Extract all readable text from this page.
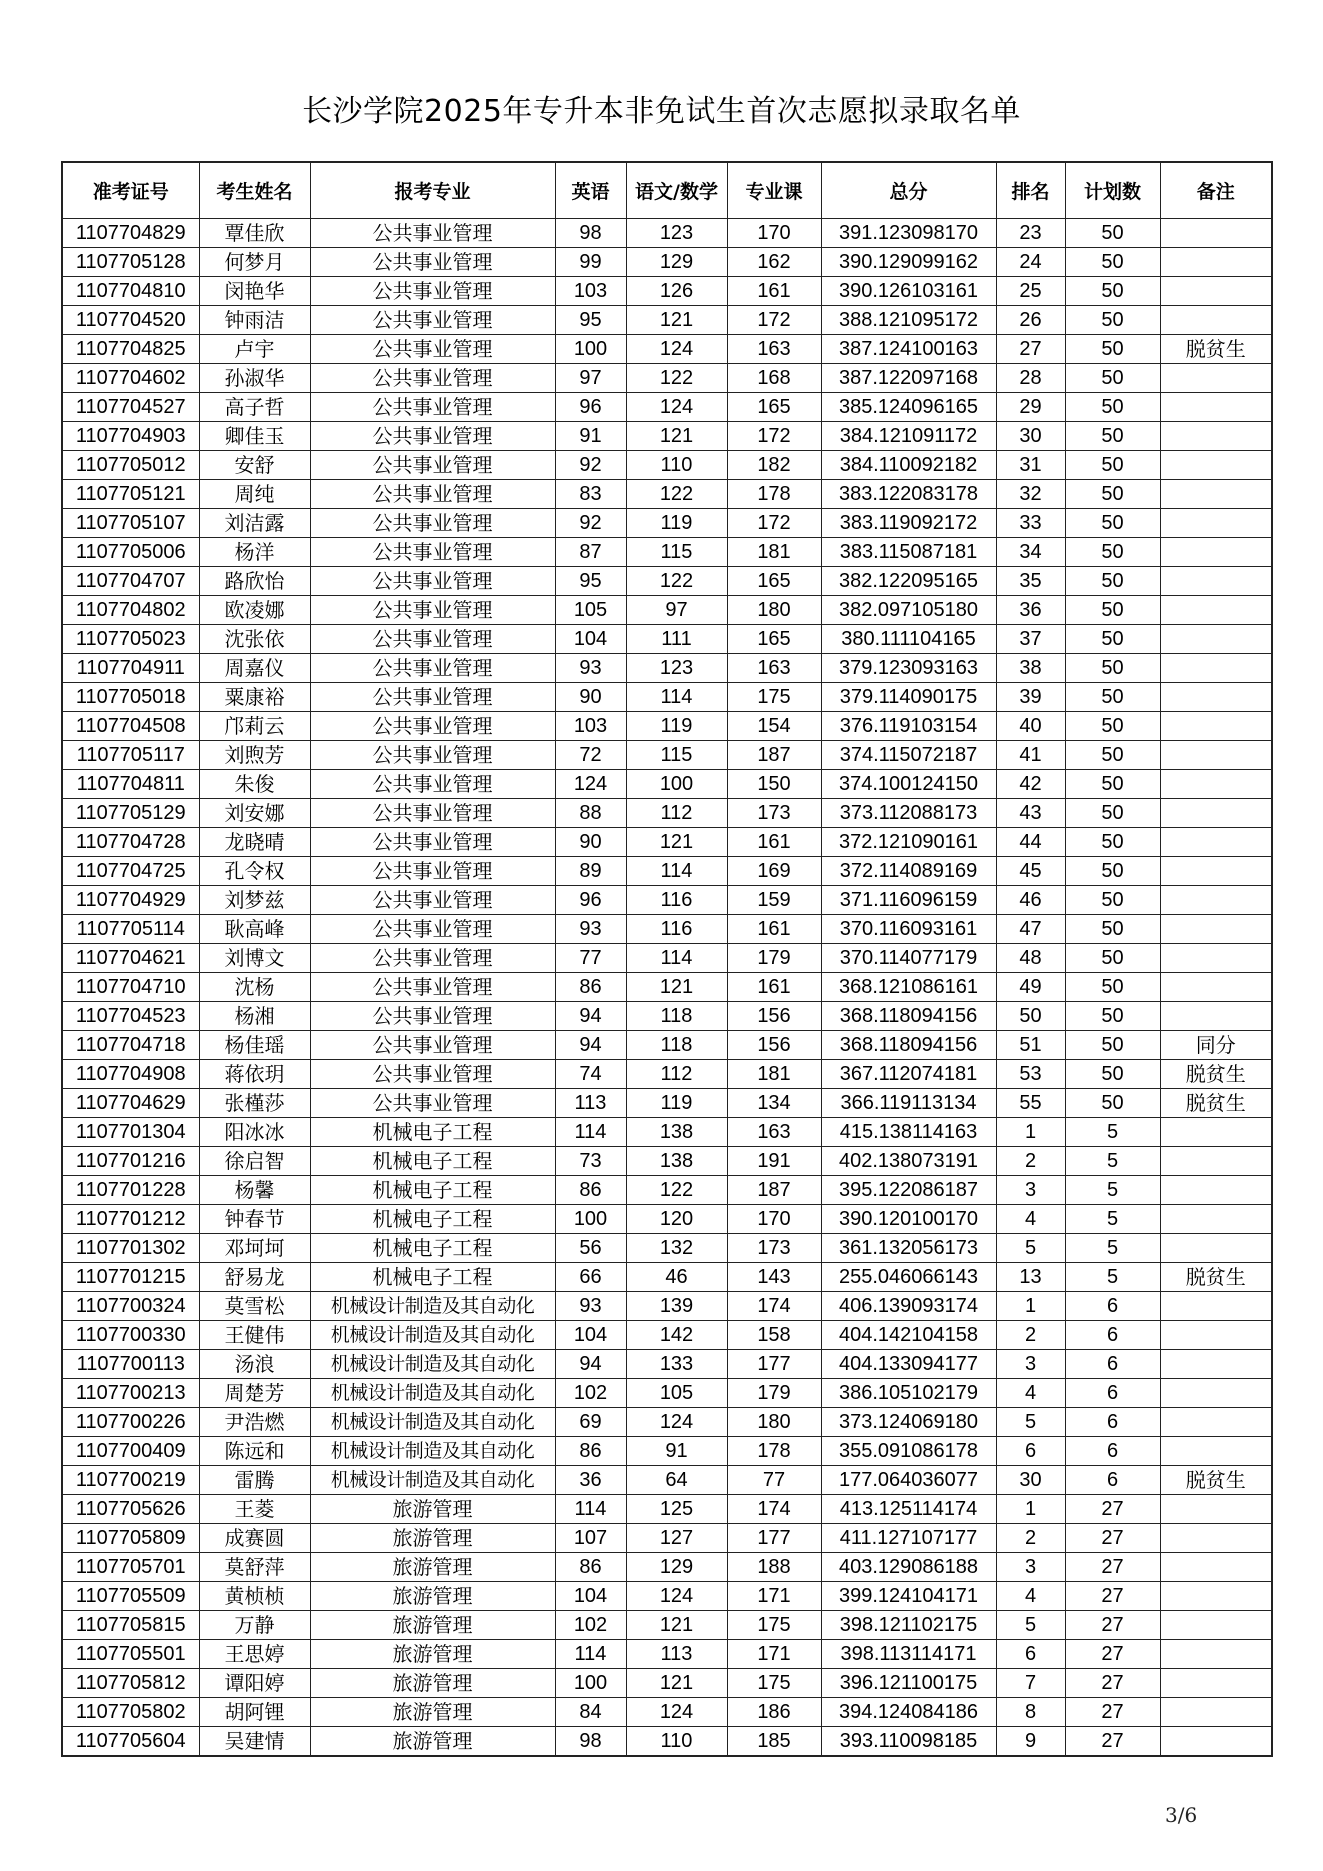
长沙学院2025年专升本非免试生首次志愿拟录取名单
准考证号	考生姓名	报考专业	英语	语文/数学	专业课	总分	排名	计划数	备注
1107704829	覃佳欣	公共事业管理	98	123	170	391.123098170	23	50	
1107705128	何梦月	公共事业管理	99	129	162	390.129099162	24	50	
1107704810	闵艳华	公共事业管理	103	126	161	390.126103161	25	50	
1107704520	钟雨洁	公共事业管理	95	121	172	388.121095172	26	50	
1107704825	卢宇	公共事业管理	100	124	163	387.124100163	27	50	脱贫生
1107704602	孙淑华	公共事业管理	97	122	168	387.122097168	28	50	
1107704527	高子哲	公共事业管理	96	124	165	385.124096165	29	50	
1107704903	卿佳玉	公共事业管理	91	121	172	384.121091172	30	50	
1107705012	安舒	公共事业管理	92	110	182	384.110092182	31	50	
1107705121	周纯	公共事业管理	83	122	178	383.122083178	32	50	
1107705107	刘洁露	公共事业管理	92	119	172	383.119092172	33	50	
1107705006	杨洋	公共事业管理	87	115	181	383.115087181	34	50	
1107704707	路欣怡	公共事业管理	95	122	165	382.122095165	35	50	
1107704802	欧凌娜	公共事业管理	105	97	180	382.097105180	36	50	
1107705023	沈张依	公共事业管理	104	111	165	380.111104165	37	50	
1107704911	周嘉仪	公共事业管理	93	123	163	379.123093163	38	50	
1107705018	粟康裕	公共事业管理	90	114	175	379.114090175	39	50	
1107704508	邝莉云	公共事业管理	103	119	154	376.119103154	40	50	
1107705117	刘煦芳	公共事业管理	72	115	187	374.115072187	41	50	
1107704811	朱俊	公共事业管理	124	100	150	374.100124150	42	50	
1107705129	刘安娜	公共事业管理	88	112	173	373.112088173	43	50	
1107704728	龙晓晴	公共事业管理	90	121	161	372.121090161	44	50	
1107704725	孔令权	公共事业管理	89	114	169	372.114089169	45	50	
1107704929	刘梦兹	公共事业管理	96	116	159	371.116096159	46	50	
1107705114	耿高峰	公共事业管理	93	116	161	370.116093161	47	50	
1107704621	刘博文	公共事业管理	77	114	179	370.114077179	48	50	
1107704710	沈杨	公共事业管理	86	121	161	368.121086161	49	50	
1107704523	杨湘	公共事业管理	94	118	156	368.118094156	50	50	
1107704718	杨佳瑶	公共事业管理	94	118	156	368.118094156	51	50	同分
1107704908	蒋依玥	公共事业管理	74	112	181	367.112074181	53	50	脱贫生
1107704629	张槿莎	公共事业管理	113	119	134	366.119113134	55	50	脱贫生
1107701304	阳冰冰	机械电子工程	114	138	163	415.138114163	1	5	
1107701216	徐启智	机械电子工程	73	138	191	402.138073191	2	5	
1107701228	杨馨	机械电子工程	86	122	187	395.122086187	3	5	
1107701212	钟春节	机械电子工程	100	120	170	390.120100170	4	5	
1107701302	邓坷坷	机械电子工程	56	132	173	361.132056173	5	5	
1107701215	舒易龙	机械电子工程	66	46	143	255.046066143	13	5	脱贫生
1107700324	莫雪松	机械设计制造及其自动化	93	139	174	406.139093174	1	6	
1107700330	王健伟	机械设计制造及其自动化	104	142	158	404.142104158	2	6	
1107700113	汤浪	机械设计制造及其自动化	94	133	177	404.133094177	3	6	
1107700213	周楚芳	机械设计制造及其自动化	102	105	179	386.105102179	4	6	
1107700226	尹浩燃	机械设计制造及其自动化	69	124	180	373.124069180	5	6	
1107700409	陈远和	机械设计制造及其自动化	86	91	178	355.091086178	6	6	
1107700219	雷腾	机械设计制造及其自动化	36	64	77	177.064036077	30	6	脱贫生
1107705626	王菱	旅游管理	114	125	174	413.125114174	1	27	
1107705809	成赛圆	旅游管理	107	127	177	411.127107177	2	27	
1107705701	莫舒萍	旅游管理	86	129	188	403.129086188	3	27	
1107705509	黄桢桢	旅游管理	104	124	171	399.124104171	4	27	
1107705815	万静	旅游管理	102	121	175	398.121102175	5	27	
1107705501	王思婷	旅游管理	114	113	171	398.113114171	6	27	
1107705812	谭阳婷	旅游管理	100	121	175	396.121100175	7	27	
1107705802	胡阿锂	旅游管理	84	124	186	394.124084186	8	27	
1107705604	吴建情	旅游管理	98	110	185	393.110098185	9	27	
3/6
